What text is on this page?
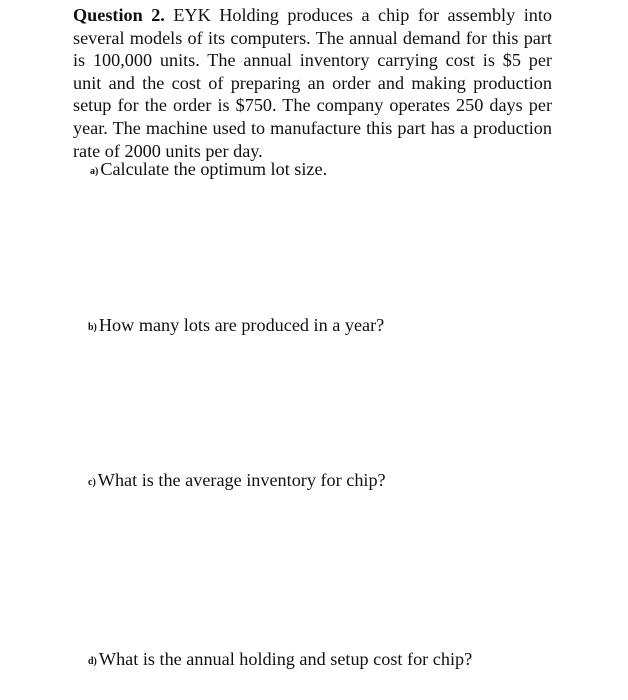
Question 2. EYK Holding produces a chip for assembly into several models of its computers. The annual demand for this part is 100,000 units. The annual inventory carrying cost is $5 per unit and the cost of preparing an order and making production setup for the order is $750. The company operates 250 days per year. The machine used to manufacture this part has a production rate of 2000 units per day.

a) Calculate the optimum lot size.

b) How many lots are produced in a year?

c) What is the average inventory for chip?

d) What is the annual holding and setup cost for chip?
